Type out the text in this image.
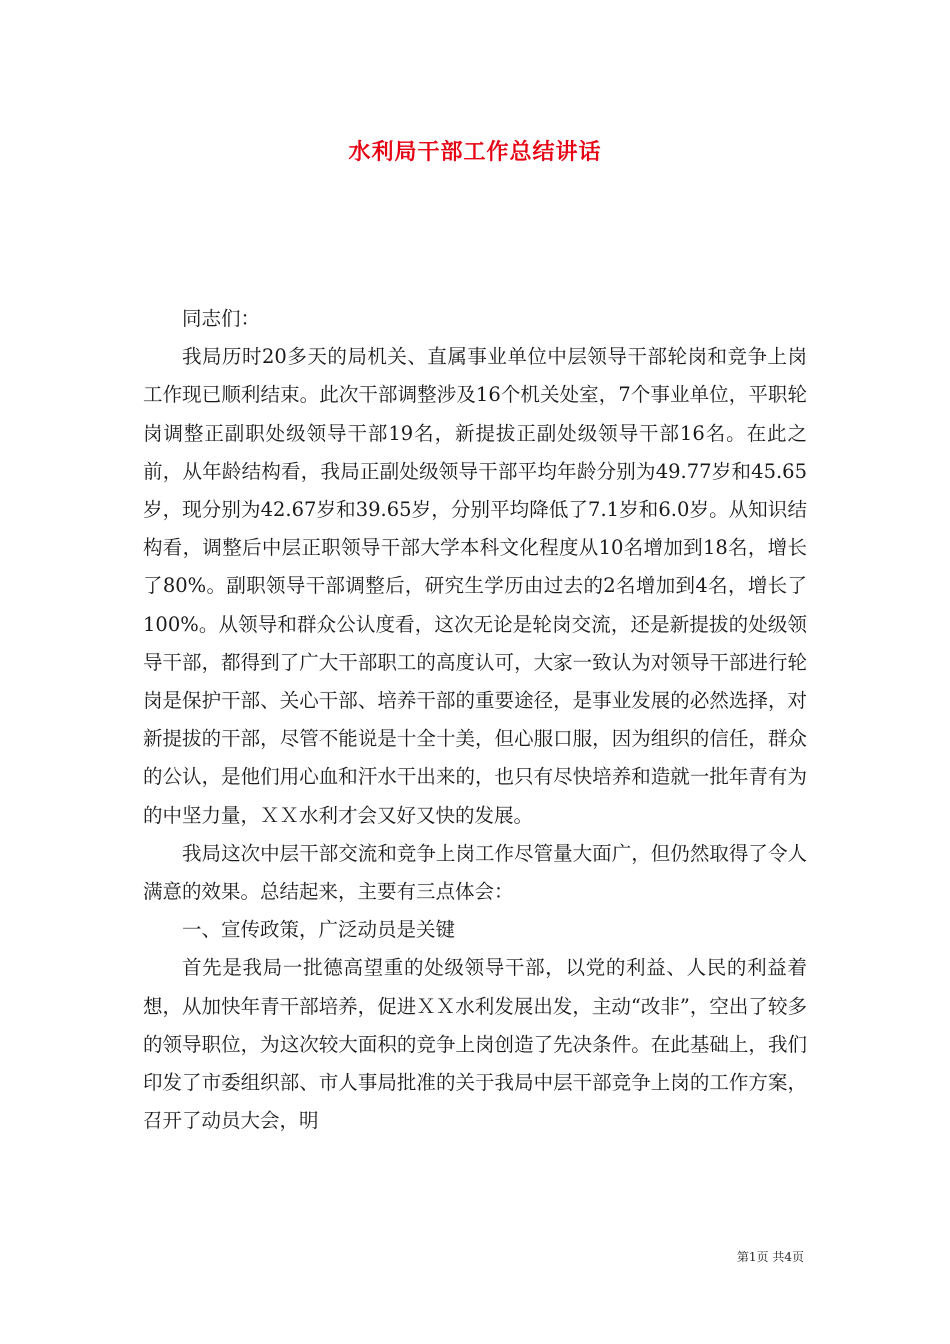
水利局干部工作总结讲话

同志们：

我局历时20多天的局机关、直属事业单位中层领导干部轮岗和竞争上岗工作现已顺利结束。此次干部调整涉及16个机关处室，7个事业单位，平职轮岗调整正副职处级领导干部19名，新提拔正副处级领导干部16名。在此之前，从年龄结构看，我局正副处级领导干部平均年龄分别为49.77岁和45.65岁，现分别为42.67岁和39.65岁，分别平均降低了7.1岁和6.0岁。从知识结构看，调整后中层正职领导干部大学本科文化程度从10名增加到18名，增长了80%。副职领导干部调整后，研究生学历由过去的2名增加到4名，增长了100%。从领导和群众公认度看，这次无论是轮岗交流，还是新提拔的处级领导干部，都得到了广大干部职工的高度认可，大家一致认为对领导干部进行轮岗是保护干部、关心干部、培养干部的重要途径，是事业发展的必然选择，对新提拔的干部，尽管不能说是十全十美，但心服口服，因为组织的信任，群众的公认，是他们用心血和汗水干出来的，也只有尽快培养和造就一批年青有为的中坚力量，ＸＸ水利才会又好又快的发展。

我局这次中层干部交流和竞争上岗工作尽管量大面广，但仍然取得了令人满意的效果。总结起来，主要有三点体会：

一、宣传政策，广泛动员是关键

首先是我局一批德高望重的处级领导干部，以党的利益、人民的利益着想，从加快年青干部培养，促进ＸＸ水利发展出发，主动“改非”，空出了较多的领导职位，为这次较大面积的竞争上岗创造了先决条件。在此基础上，我们印发了市委组织部、市人事局批准的关于我局中层干部竞争上岗的工作方案，召开了动员大会，明

第1页 共4页
